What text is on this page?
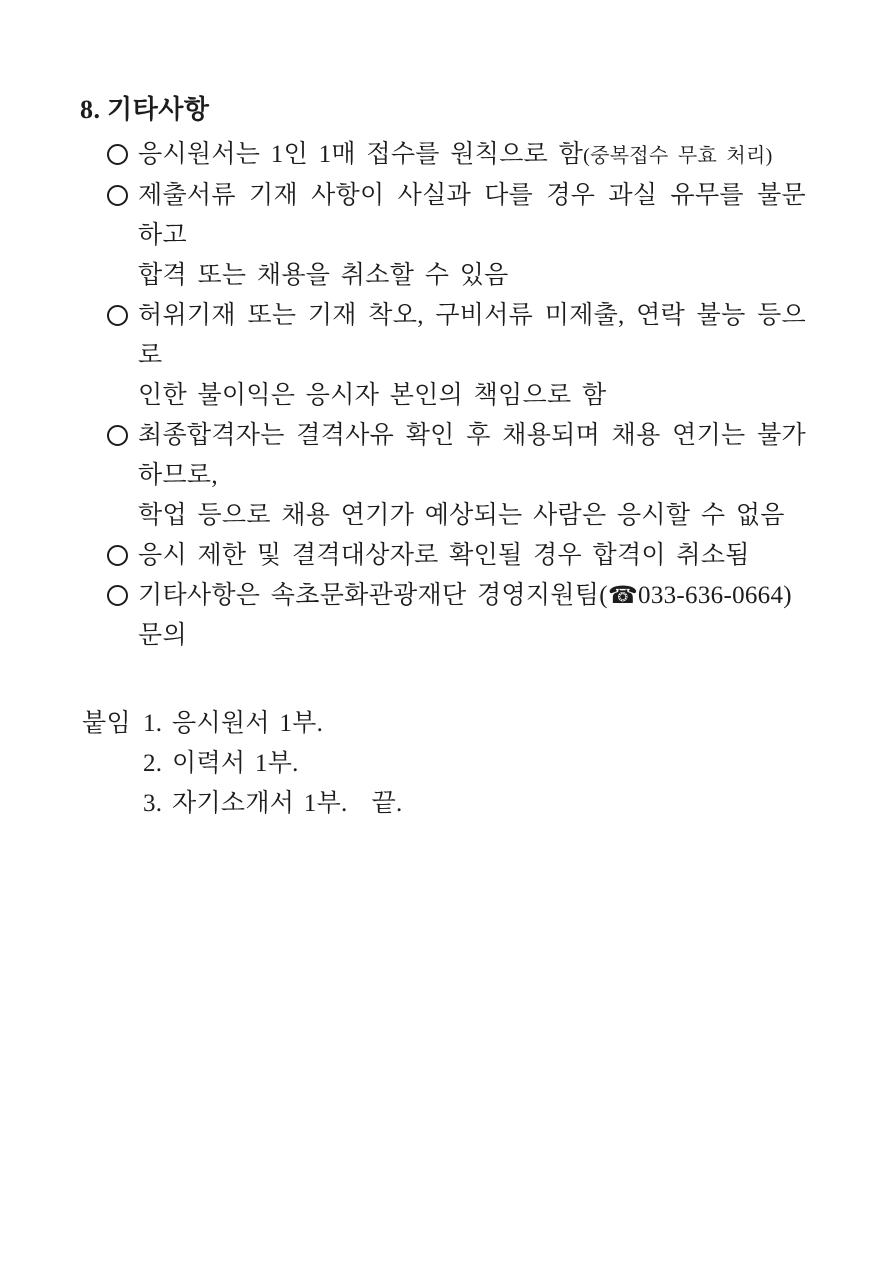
8. 기타사항
응시원서는 1인 1매 접수를 원칙으로 함(중복접수 무효 처리)
제출서류 기재 사항이 사실과 다를 경우 과실 유무를 불문하고
합격 또는 채용을 취소할 수 있음
허위기재 또는 기재 착오, 구비서류 미제출, 연락 불능 등으로
인한 불이익은 응시자 본인의 책임으로 함
최종합격자는 결격사유 확인 후 채용되며 채용 연기는 불가하므로,
학업 등으로 채용 연기가 예상되는 사람은 응시할 수 없음
응시 제한 및 결격대상자로 확인될 경우 합격이 취소됨
기타사항은 속초문화관광재단 경영지원팀(☎033-636-0664) 문의
붙임 1. 응시원서 1부.
2. 이력서 1부.
3. 자기소개서 1부. 끝.
